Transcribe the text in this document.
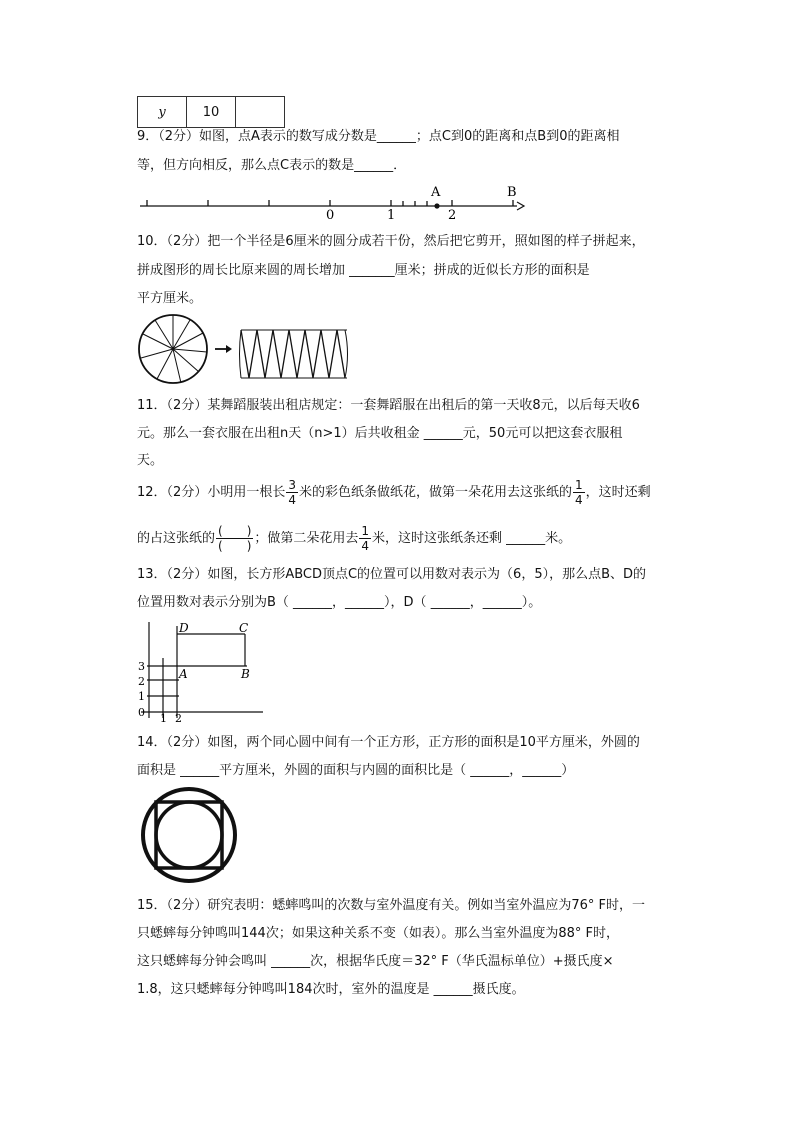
y	10	
9．（2分）如图，点A表示的数写成分数是______；点C到0的距离和点B到0的距离相
等，但方向相反，那么点C表示的数是______．
0	1	2
A	B
10．（2分）把一个半径是6厘米的圆分成若干份，然后把它剪开，照如图的样子拼起来，
拼成图形的周长比原来圆的周长增加 _______厘米；拼成的近似长方形的面积是
平方厘米。
11．（2分）某舞蹈服装出租店规定：一套舞蹈服在出租后的第一天收8元，以后每天收6
元。那么一套衣服在出租n天（n>1）后共收租金 ______元，50元可以把这套衣服租
天。
12．（2分）小明用一根长 $\frac{3}{4}$ 米的彩色纸条做纸花，做第一朵花用去这张纸的 $\frac{1}{4}$ ，这时还剩
的占这张纸的 $\frac{( )}{( )}$ ；做第二朵花用去 $\frac{1}{4}$ 米，这时这张纸条还剩 ______米。
13．（2分）如图，长方形ABCD顶点C的位置可以用数对表示为（6，5），那么点B、D的
位置用数对表示分别为B（ ______，______），D（ ______，______）。
3
2
1
0 1 2
D	C
A	B
14．（2分）如图，两个同心圆中间有一个正方形，正方形的面积是10平方厘米，外圆的
面积是 ______平方厘米，外圆的面积与内圆的面积比是（ ______，______）
15．（2分）研究表明：蟋蟀鸣叫的次数与室外温度有关。例如当室外温应为76° F时，一
只蟋蟀每分钟鸣叫144次；如果这种关系不变（如表）。那么当室外温度为88° F时，
这只蟋蟀每分钟会鸣叫 ______次，根据华氏度＝32° F（华氏温标单位）+摄氏度×
1.8，这只蟋蟀每分钟鸣叫184次时，室外的温度是 ______摄氏度。
